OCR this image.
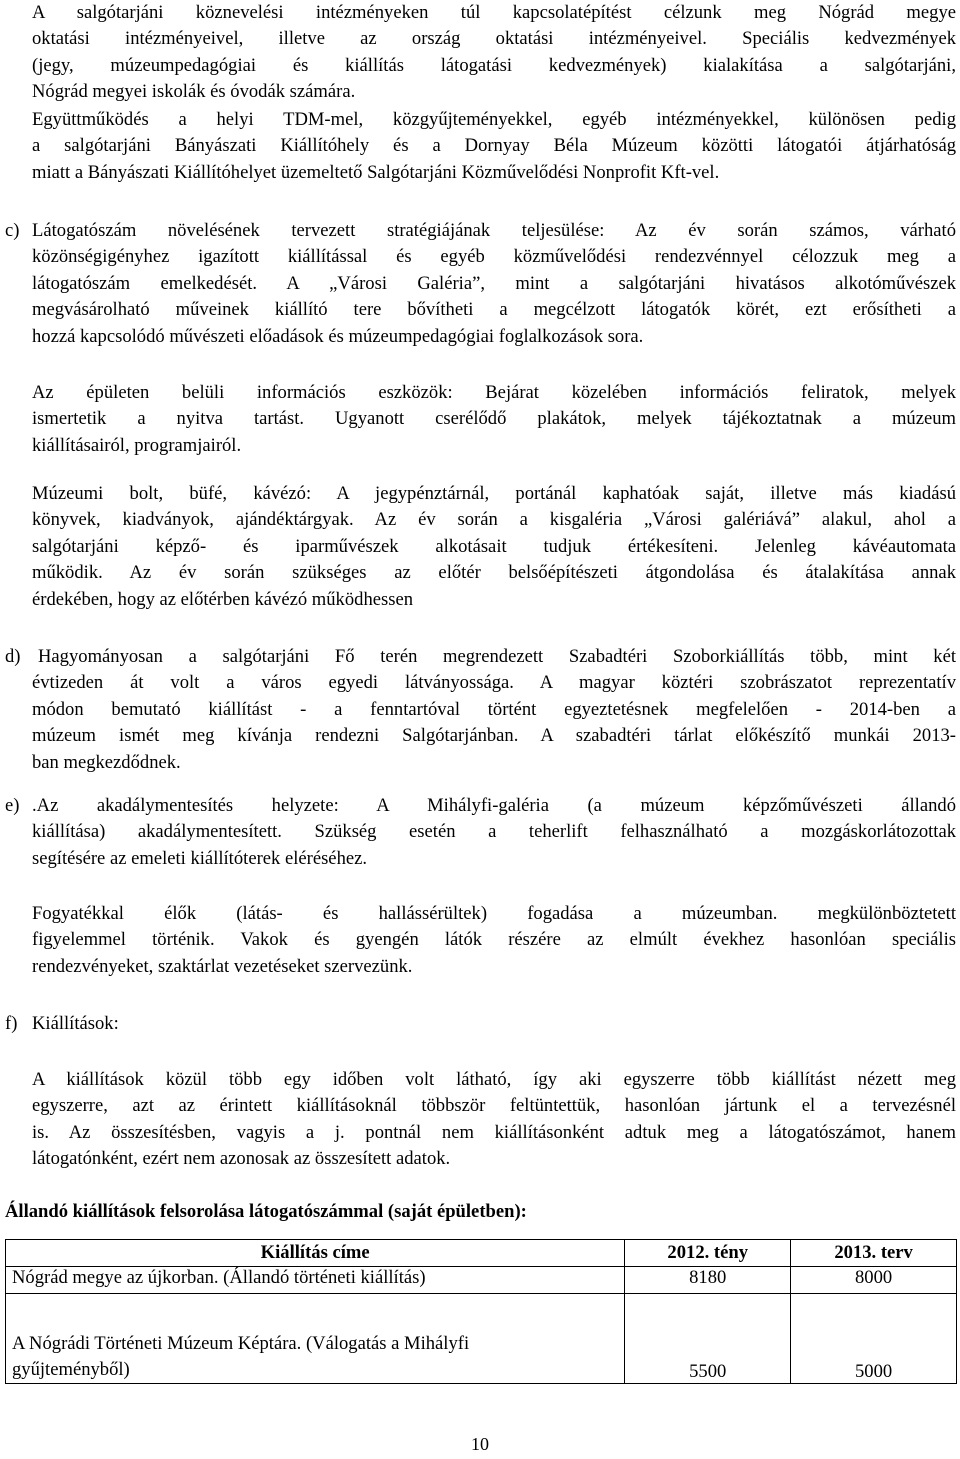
A salgótarjáni köznevelési intézményeken túl kapcsolatépítést célzunk meg Nógrád megye
oktatási intézményeivel, illetve az ország oktatási intézményeivel. Speciális kedvezmények
(jegy, múzeumpedagógiai és kiállítás látogatási kedvezmények) kialakítása a salgótarjáni,
Nógrád megyei iskolák és óvodák számára.
Együttműködés a helyi TDM-mel, közgyűjteményekkel, egyéb intézményekkel, különösen pedig
a salgótarjáni Bányászati Kiállítóhely és a Dornyay Béla Múzeum közötti látogatói átjárhatóság
miatt a Bányászati Kiállítóhelyet üzemeltető Salgótarjáni Közművelődési Nonprofit Kft-vel.
c) Látogatószám növelésének tervezett stratégiájának teljesülése: Az év során számos, várható
közönségigényhez igazított kiállítással és egyéb közművelődési rendezvénnyel célozzuk meg a
látogatószám emelkedését. A „Városi Galéria”, mint a salgótarjáni hivatásos alkotóművészek
megvásárolható műveinek kiállító tere bővítheti a megcélzott látogatók körét, ezt erősítheti a
hozzá kapcsolódó művészeti előadások és múzeumpedagógiai foglalkozások sora.
Az épületen belüli információs eszközök: Bejárat közelében információs feliratok, melyek
ismertetik a nyitva tartást. Ugyanott cserélődő plakátok, melyek tájékoztatnak a múzeum
kiállításairól, programjairól.
Múzeumi bolt, büfé, kávézó: A jegypénztárnál, portánál kaphatóak saját, illetve más kiadású
könyvek, kiadványok, ajándéktárgyak. Az év során a kisgaléria „Városi galériává” alakul, ahol a
salgótarjáni képző- és iparművészek alkotásait tudjuk értékesíteni. Jelenleg kávéautomata
működik. Az év során szükséges az előtér belsőépítészeti átgondolása és átalakítása annak
érdekében, hogy az előtérben kávézó működhessen
d) Hagyományosan a salgótarjáni Fő terén megrendezett Szabadtéri Szoborkiállítás több, mint két
évtizeden át volt a város egyedi látványossága. A magyar köztéri szobrászatot reprezentatív
módon bemutató kiállítást - a fenntartóval történt egyeztetésnek megfelelően - 2014-ben a
múzeum ismét meg kívánja rendezni Salgótarjánban. A szabadtéri tárlat előkészítő munkái 2013-
ban megkezdődnek.
e) .Az akadálymentesítés helyzete: A Mihályfi-galéria (a múzeum képzőművészeti állandó
kiállítása) akadálymentesített. Szükség esetén a teherlift felhasználható a mozgáskorlátozottak
segítésére az emeleti kiállítóterek eléréséhez.
Fogyatékkal élők (látás- és hallássérültek) fogadása a múzeumban. megkülönböztetett
figyelemmel történik. Vakok és gyengén látók részére az elmúlt évekhez hasonlóan speciális
rendezvényeket, szaktárlat vezetéseket szervezünk.
f) Kiállítások:
A kiállítások közül több egy időben volt látható, így aki egyszerre több kiállítást nézett meg
egyszerre, azt az érintett kiállításoknál többször feltüntettük, hasonlóan jártunk el a tervezésnél
is. Az összesítésben, vagyis a j. pontnál nem kiállításonként adtuk meg a látogatószámot, hanem
látogatónként, ezért nem azonosak az összesített adatok.

Állandó kiállítások felsorolása látogatószámmal (saját épületben):

Kiállítás címe	2012. tény	2013. terv
Nógrád megye az újkorban. (Állandó történeti kiállítás)	8180	8000
A Nógrádi Történeti Múzeum Képtára. (Válogatás a Mihályfi
gyűjteményből)	5500	5000
10
